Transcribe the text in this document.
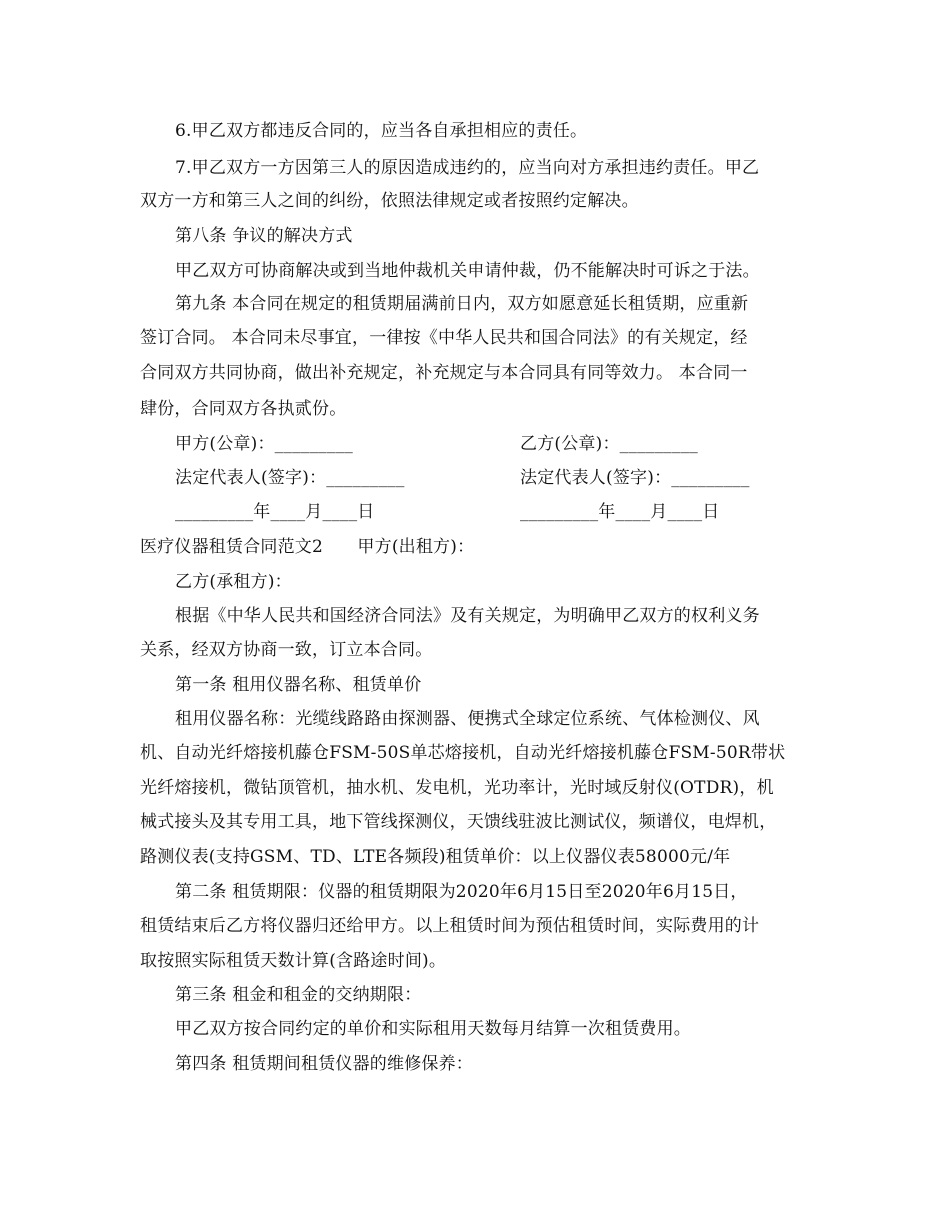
6.甲乙双方都违反合同的，应当各自承担相应的责任。
7.甲乙双方一方因第三人的原因造成违约的，应当向对方承担违约责任。甲乙
双方一方和第三人之间的纠纷，依照法律规定或者按照约定解决。
第八条 争议的解决方式
甲乙双方可协商解决或到当地仲裁机关申请仲裁，仍不能解决时可诉之于法。
第九条 本合同在规定的租赁期届满前日内，双方如愿意延长租赁期，应重新
签订合同。 本合同未尽事宜，一律按《中华人民共和国合同法》的有关规定，经
合同双方共同协商，做出补充规定，补充规定与本合同具有同等效力。 本合同一
肆份，合同双方各执贰份。
甲方(公章)：_________	乙方(公章)：_________
法定代表人(签字)：_________	法定代表人(签字)：_________
_________年____月____日	_________年____月____日
医疗仪器租赁合同范文2　　甲方(出租方)：
乙方(承租方)：
根据《中华人民共和国经济合同法》及有关规定，为明确甲乙双方的权利义务
关系，经双方协商一致，订立本合同。
第一条 租用仪器名称、租赁单价
租用仪器名称：光缆线路路由探测器、便携式全球定位系统、气体检测仪、风
机、自动光纤熔接机藤仓FSM-50S单芯熔接机，自动光纤熔接机藤仓FSM-50R带状
光纤熔接机，微钻顶管机，抽水机、发电机，光功率计，光时域反射仪(OTDR)，机
械式接头及其专用工具，地下管线探测仪，天馈线驻波比测试仪，频谱仪，电焊机，
路测仪表(支持GSM、TD、LTE各频段)租赁单价：以上仪器仪表58000元/年
第二条 租赁期限：仪器的租赁期限为2020年6月15日至2020年6月15日，
租赁结束后乙方将仪器归还给甲方。以上租赁时间为预估租赁时间，实际费用的计
取按照实际租赁天数计算(含路途时间)。
第三条 租金和租金的交纳期限：
甲乙双方按合同约定的单价和实际租用天数每月结算一次租赁费用。
第四条 租赁期间租赁仪器的维修保养：
